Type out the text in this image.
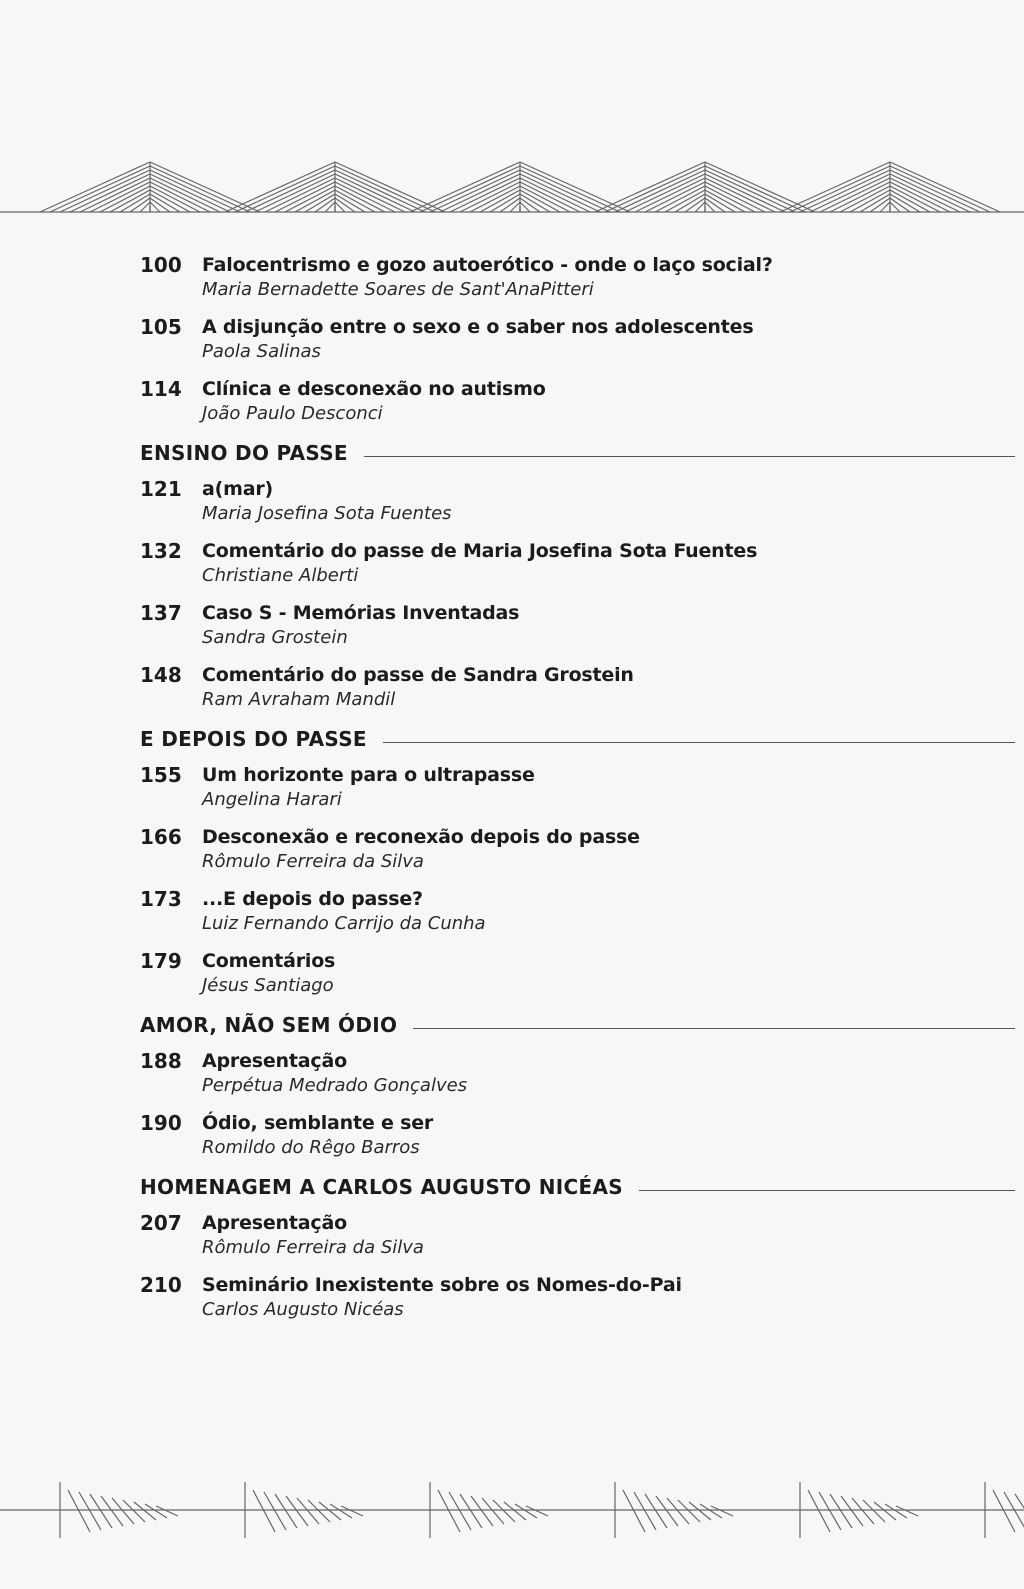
100	Falocentrismo e gozo autoerótico - onde o laço social?
Maria Bernadette Soares de Sant'AnaPitteri
105	A disjunção entre o sexo e o saber nos adolescentes
Paola Salinas
114	Clínica e desconexão no autismo
João Paulo Desconci
ENSINO DO PASSE
121	a(mar)
Maria Josefina Sota Fuentes
132	Comentário do passe de Maria Josefina Sota Fuentes
Christiane Alberti
137	Caso S - Memórias Inventadas
Sandra Grostein
148	Comentário do passe de Sandra Grostein
Ram Avraham Mandil
E DEPOIS DO PASSE
155	Um horizonte para o ultrapasse
Angelina Harari
166	Desconexão e reconexão depois do passe
Rômulo Ferreira da Silva
173	...E depois do passe?
Luiz Fernando Carrijo da Cunha
179	Comentários
Jésus Santiago
AMOR, NÃO SEM ÓDIO
188	Apresentação
Perpétua Medrado Gonçalves
190	Ódio, semblante e ser
Romildo do Rêgo Barros
HOMENAGEM A CARLOS AUGUSTO NICÉAS
207	Apresentação
Rômulo Ferreira da Silva
210	Seminário Inexistente sobre os Nomes-do-Pai
Carlos Augusto Nicéas
